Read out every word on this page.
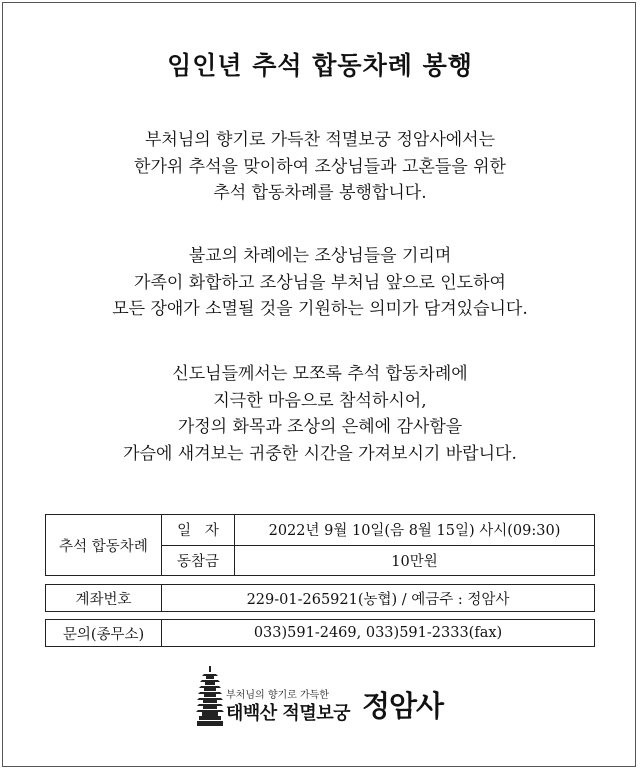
임인년 추석 합동차례 봉행
부처님의 향기로 가득찬 적멸보궁 정암사에서는
한가위 추석을 맞이하여 조상님들과 고혼들을 위한
추석 합동차례를 봉행합니다.
불교의 차례에는 조상님들을 기리며
가족이 화합하고 조상님을 부처님 앞으로 인도하여
모든 장애가 소멸될 것을 기원하는 의미가 담겨있습니다.
신도님들께서는 모쪼록 추석 합동차례에
지극한 마음으로 참석하시어,
가정의 화목과 조상의 은혜에 감사함을
가슴에 새겨보는 귀중한 시간을 가져보시기 바랍니다.
추석 합동차례	일   자	2022년 9월 10일(음 8월 15일) 사시(09:30)
	동참금	10만원
계좌번호	229-01-265921(농협) / 예금주 : 정암사
문의(종무소)	033)591-2469, 033)591-2333(fax)
부처님의 향기로 가득한
태백산 적멸보궁 정암사
